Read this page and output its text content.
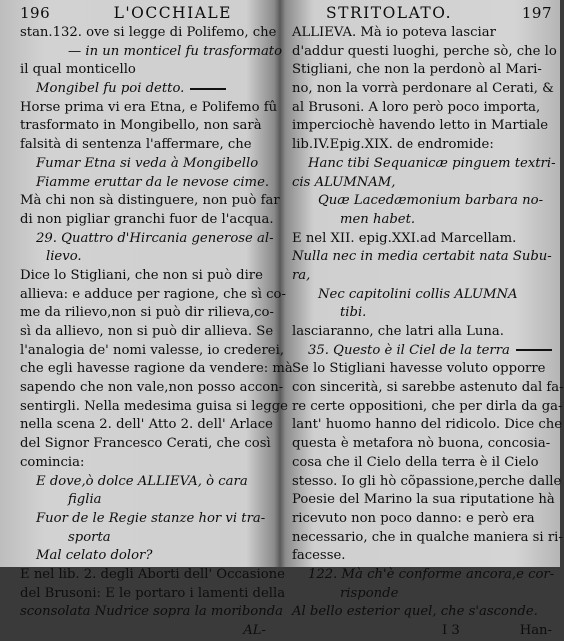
196	L'OCCHIALE
stan.132. ove si legge di Polifemo, che
— in un monticel fu trasformato
il qual monticello
Mongibel fu poi detto.
Horse prima vi era Etna, e Polifemo fû
trasformato in Mongibello, non sarà
falsità di sentenza l'affermare, che
Fumar Etna si veda à Mongibello
Fiamme eruttar da le nevose cime.
Mà chi non sà distinguere, non può far
di non pigliar granchi fuor de l'acqua.
29. Quattro d'Hircania generose al-
lievo.
Dice lo Stigliani, che non si può dire
allieva: e adduce per ragione, che sì co-
me da rilievo,non si può dir rilieva,co-
sì da allievo, non si può dir allieva. Se
l'analogia de' nomi valesse, io crederei,
che egli havesse ragione da vendere: mà
sapendo che non vale,non posso accon-
sentirgli. Nella medesima guisa si legge
nella scena 2. dell' Atto 2. dell' Arlace
del Signor Francesco Cerati, che così
comincia:
E dove,ò dolce ALLIEVA, ò cara
figlia
Fuor de le Regie stanze hor vi tra-
sporta
Mal celato dolor?
E nel lib. 2. degli Aborti dell' Occasione
del Brusoni: E le portaro i lamenti della
sconsolata Nudrice sopra la moribonda
AL-
STRITOLATO.	197
ALLIEVA. Mà io poteva lasciar
d'addur questi luoghi, perche sò, che lo
Stigliani, che non la perdonò al Mari-
no, non la vorrà perdonare al Cerati, &
al Brusoni. A loro però poco importa,
imperciochè havendo letto in Martiale
lib.IV.Epig.XIX. de endromide:
Hanc tibi Sequanicæ pinguem textri-
cis ALUMNAM,
Quæ Lacedæmonium barbara no-
men habet.
E nel XII. epig.XXI.ad Marcellam.
Nulla nec in media certabit nata Subu-
ra,
Nec capitolini collis ALUMNA
tibi.
lasciaranno, che latri alla Luna.
35. Questo è il Ciel de la terra
Se lo Stigliani havesse voluto opporre
con sincerità, si sarebbe astenuto dal fa-
re certe oppositioni, che per dirla da ga-
lant' huomo hanno del ridicolo. Dice che
questa è metafora nò buona, concosia-
cosa che il Cielo della terra è il Cielo
stesso. Io gli hò cõpassione,perche dalle
Poesie del Marino la sua riputatione hà
ricevuto non poco danno: e però era
necessario, che in qualche maniera si ri-
facesse.
122. Mà ch'è conforme ancora,e cor-
risponde
Al bello esterior quel, che s'asconde.
I 3	Han-
